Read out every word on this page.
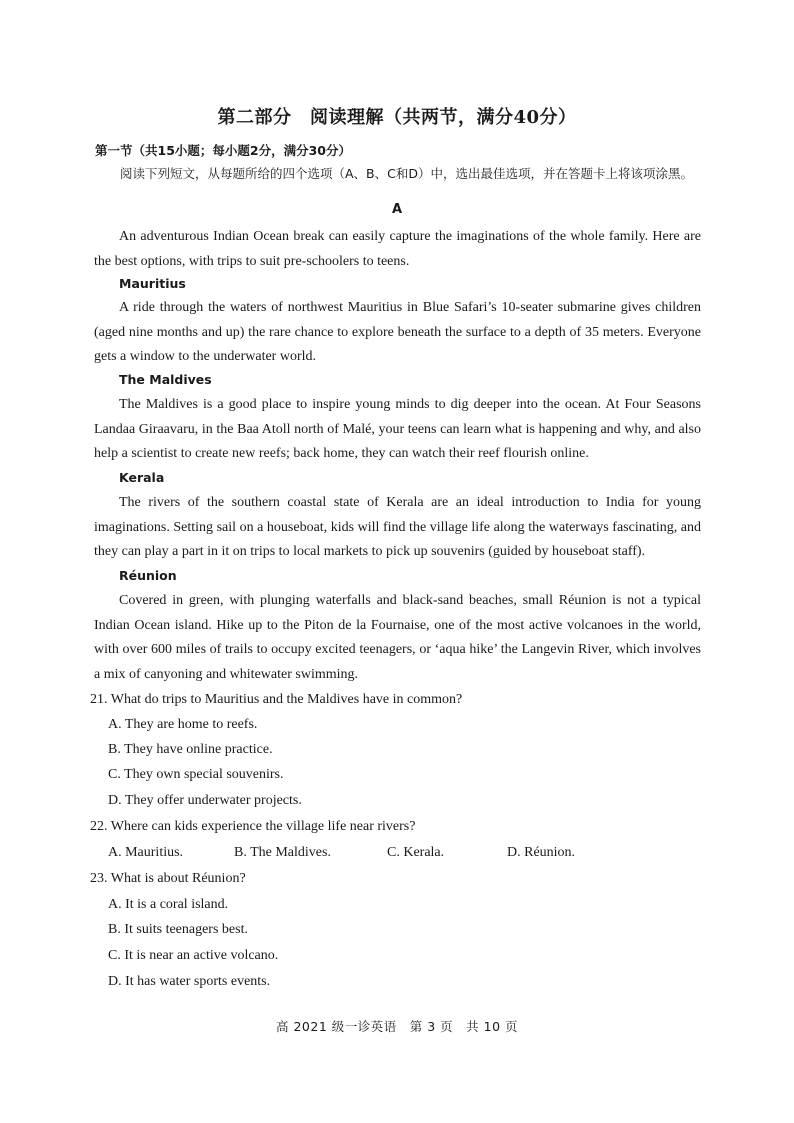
第二部分　阅读理解（共两节，满分40分）
第一节（共15小题；每小题2分，满分30分）
阅读下列短文，从每题所给的四个选项（A、B、C和D）中，选出最佳选项，并在答题卡上将该项涂黑。
A
An adventurous Indian Ocean break can easily capture the imaginations of the whole family. Here are the best options, with trips to suit pre-schoolers to teens.
Mauritius
A ride through the waters of northwest Mauritius in Blue Safari’s 10-seater submarine gives children (aged nine months and up) the rare chance to explore beneath the surface to a depth of 35 meters. Everyone gets a window to the underwater world.
The Maldives
The Maldives is a good place to inspire young minds to dig deeper into the ocean. At Four Seasons Landaa Giraavaru, in the Baa Atoll north of Malé, your teens can learn what is happening and why, and also help a scientist to create new reefs; back home, they can watch their reef flourish online.
Kerala
The rivers of the southern coastal state of Kerala are an ideal introduction to India for young imaginations. Setting sail on a houseboat, kids will find the village life along the waterways fascinating, and they can play a part in it on trips to local markets to pick up souvenirs (guided by houseboat staff).
Réunion
Covered in green, with plunging waterfalls and black-sand beaches, small Réunion is not a typical Indian Ocean island. Hike up to the Piton de la Fournaise, one of the most active volcanoes in the world, with over 600 miles of trails to occupy excited teenagers, or ‘aqua hike’ the Langevin River, which involves a mix of canyoning and whitewater swimming.
21. What do trips to Mauritius and the Maldives have in common?
A. They are home to reefs.
B. They have online practice.
C. They own special souvenirs.
D. They offer underwater projects.
22. Where can kids experience the village life near rivers?
A. Mauritius.	B. The Maldives.	C. Kerala.	D. Réunion.
23. What is about Réunion?
A. It is a coral island.
B. It suits teenagers best.
C. It is near an active volcano.
D. It has water sports events.
高 2021 级一诊英语　第 3 页　共 10 页
